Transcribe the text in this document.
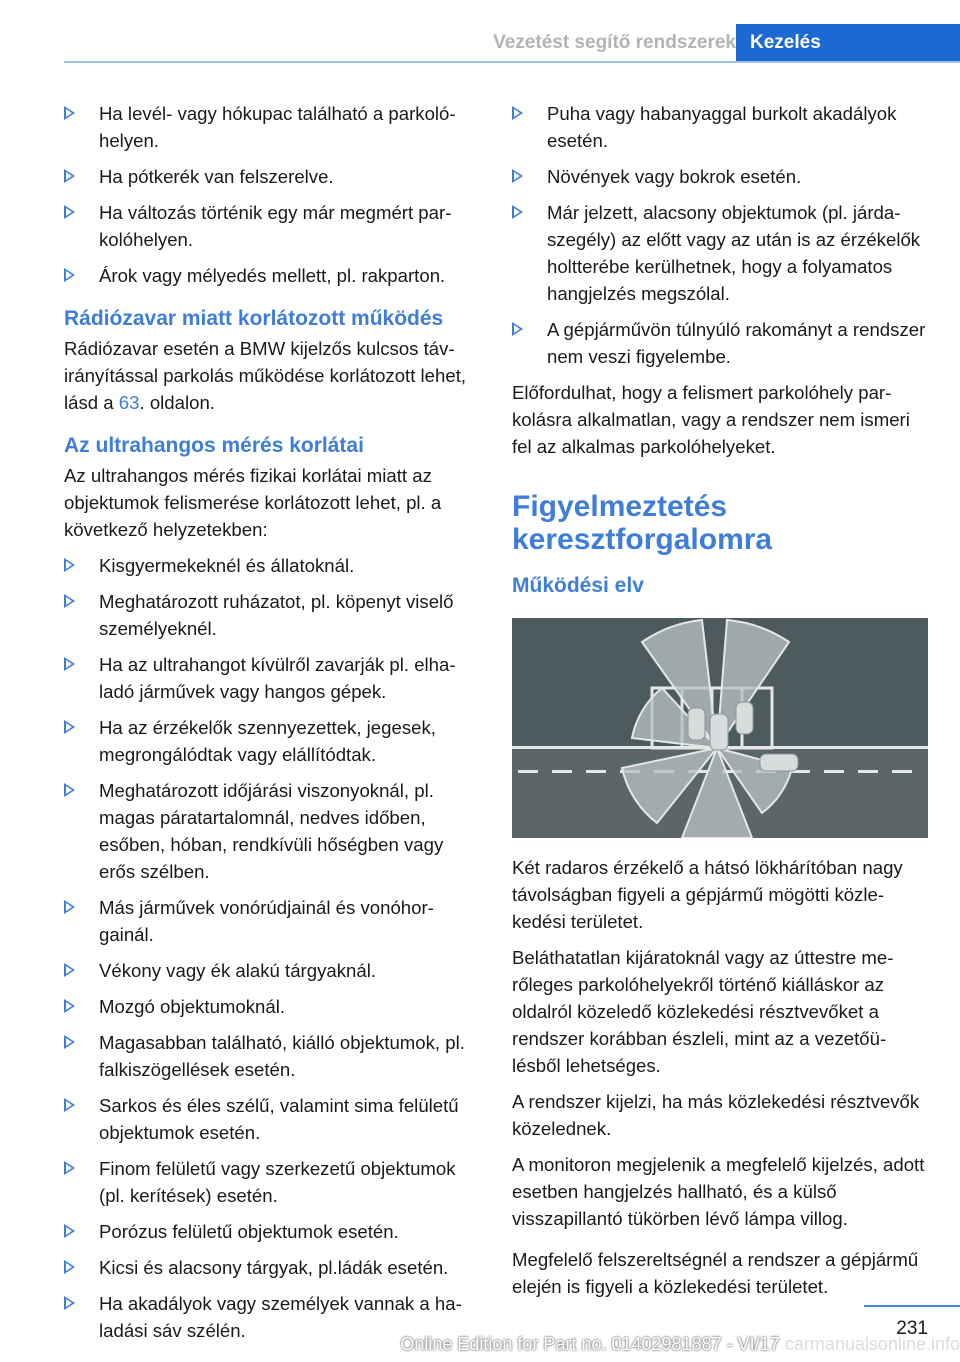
Vezetést segítő rendszerek Kezelés
Ha levél- vagy hókupac található a parkolóhelyen.
Ha pótkerék van felszerelve.
Ha változás történik egy már megmért parkolóhelyen.
Árok vagy mélyedés mellett, pl. rakparton.
Rádiózavar miatt korlátozott működés

Rádiózavar esetén a BMW kijelzős kulcsos távirányítással parkolás működése korlátozott lehet, lásd a 63. oldalon.

Az ultrahangos mérés korlátai

Az ultrahangos mérés fizikai korlátai miatt az objektumok felismerése korlátozott lehet, pl. a következő helyzetekben:

Kisgyermekeknél és állatoknál.
Meghatározott ruházatot, pl. köpenyt viselő személyeknél.
Ha az ultrahangot kívülről zavarják pl. elhaladó járművek vagy hangos gépek.
Ha az érzékelők szennyezettek, jegesek, megrongálódtak vagy elállítódtak.
Meghatározott időjárási viszonyoknál, pl. magas páratartalomnál, nedves időben, esőben, hóban, rendkívüli hőségben vagy erős szélben.
Más járművek vonórúdjainál és vonóhorgainál.
Vékony vagy ék alakú tárgyaknál.
Mozgó objektumoknál.
Magasabban található, kiálló objektumok, pl. falkiszögellések esetén.
Sarkos és éles szélű, valamint sima felületű objektumok esetén.
Finom felületű vagy szerkezetű objektumok (pl. kerítések) esetén.
Porózus felületű objektumok esetén.
Kicsi és alacsony tárgyak, pl.ládák esetén.
Ha akadályok vagy személyek vannak a haladási sáv szélén.
Puha vagy habanyaggal burkolt akadályok esetén.
Növények vagy bokrok esetén.
Már jelzett, alacsony objektumok (pl. járdaszegély) az előtt vagy az után is az érzékelők holtterébe kerülhetnek, hogy a folyamatos hangjelzés megszólal.
A gépjárművön túlnyúló rakományt a rendszer nem veszi figyelembe.

Előfordulhat, hogy a felismert parkolóhely parkolásra alkalmatlan, vagy a rendszer nem ismeri fel az alkalmas parkolóhelyeket.

Figyelmeztetés keresztforgalomra
Működési elv

Két radaros érzékelő a hátsó lökhárítóban nagy távolságban figyeli a gépjármű mögötti közlekedési területet.

Beláthatatlan kijáratoknál vagy az úttestre merőleges parkolóhelyekről történő kiálláskor az oldalról közeledő közlekedési résztvevőket a rendszer korábban észleli, mint az a vezetőülésből lehetséges.

A rendszer kijelzi, ha más közlekedési résztvevők közelednek.

A monitoron megjelenik a megfelelő kijelzés, adott esetben hangjelzés hallható, és a külső visszapillantó tükörben lévő lámpa villog.

Megfelelő felszereltségnél a rendszer a gépjármű elején is figyeli a közlekedési területet.

231
carmanualsonline.info
Online Edition for Part no. 01402981887 - VI/17
